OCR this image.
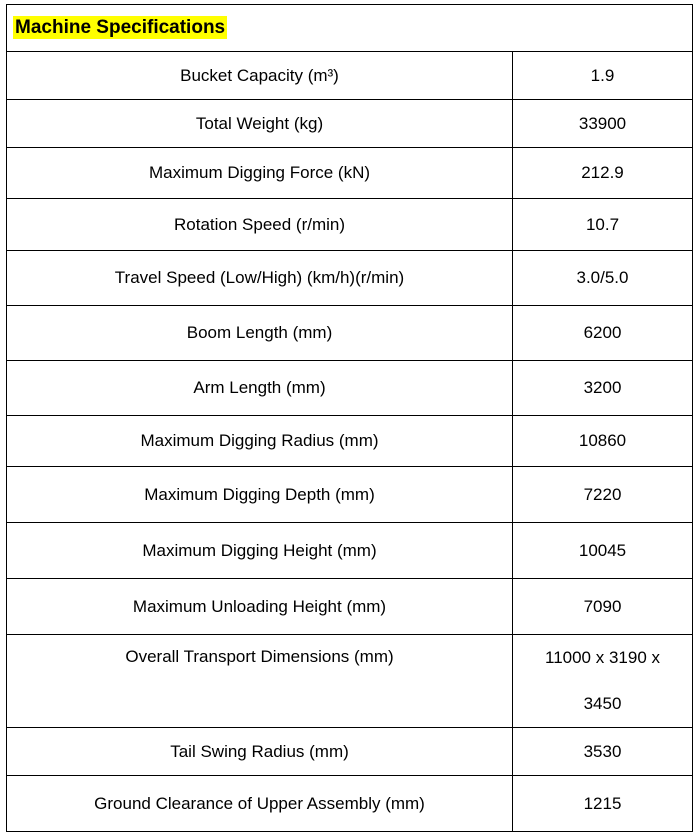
Machine Specifications	
Bucket Capacity (m³)	1.9
Total Weight (kg)	33900
Maximum Digging Force (kN)	212.9
Rotation Speed (r/min)	10.7
Travel Speed (Low/High) (km/h)(r/min)	3.0/5.0
Boom Length (mm)	6200
Arm Length (mm)	3200
Maximum Digging Radius (mm)	10860
Maximum Digging Depth (mm)	7220
Maximum Digging Height (mm)	10045
Maximum Unloading Height (mm)	7090
Overall Transport Dimensions (mm)	11000 x 3190 x 3450
Tail Swing Radius (mm)	3530
Ground Clearance of Upper Assembly (mm)	1215
